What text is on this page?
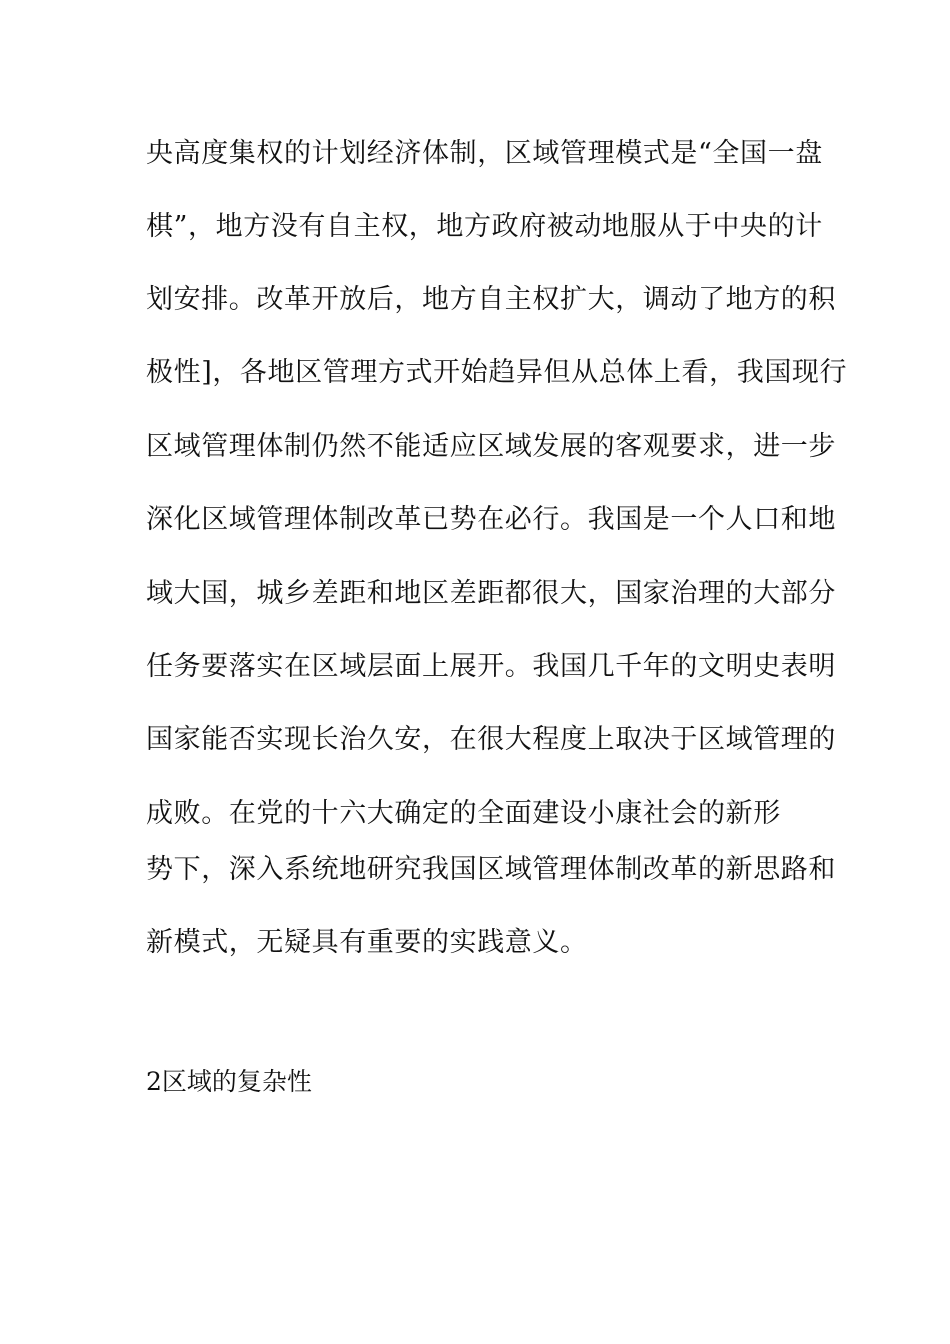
央高度集权的计划经济体制，区域管理模式是“全国一盘
棋”，地方没有自主权，地方政府被动地服从于中央的计
划安排。改革开放后，地方自主权扩大，调动了地方的积
极性]，各地区管理方式开始趋异但从总体上看，我国现行
区域管理体制仍然不能适应区域发展的客观要求，进一步
深化区域管理体制改革已势在必行。我国是一个人口和地
域大国，城乡差距和地区差距都很大，国家治理的大部分
任务要落实在区域层面上展开。我国几千年的文明史表明
国家能否实现长治久安，在很大程度上取决于区域管理的
成败。在党的十六大确定的全面建设小康社会的新形
势下，深入系统地研究我国区域管理体制改革的新思路和
新模式，无疑具有重要的实践意义。
2区域的复杂性
